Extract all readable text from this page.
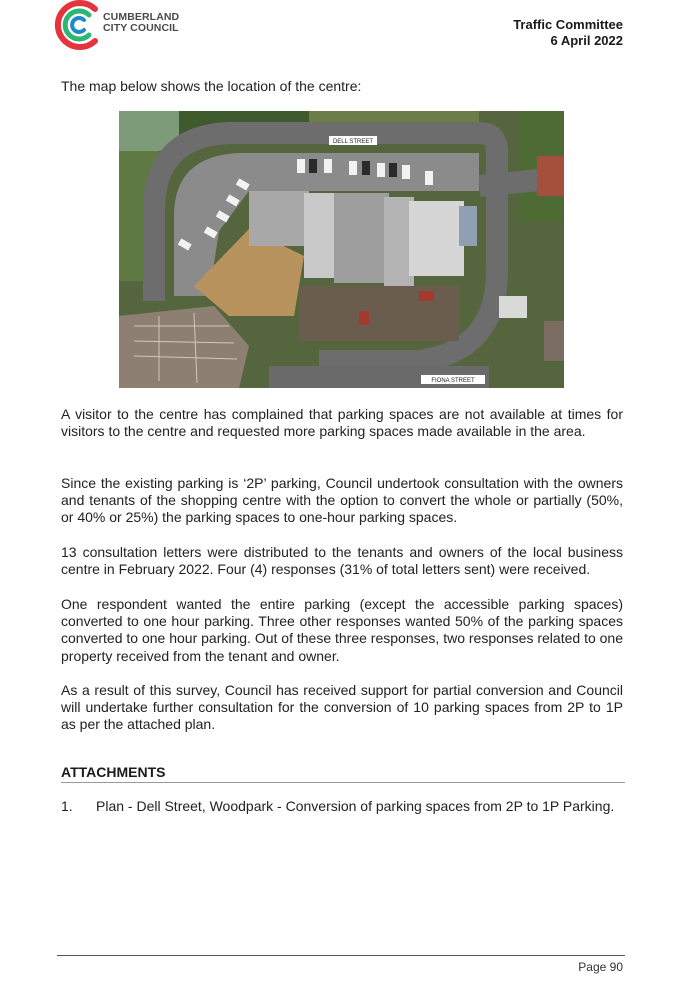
CUMBERLAND
CITY COUNCIL	Traffic Committee
6 April 2022
The map below shows the location of the centre:
DELL STREET
FIONA STREET
A visitor to the centre has complained that parking spaces are not available at times for visitors to the centre and requested more parking spaces made available in the area.
Since the existing parking is ‘2P’ parking, Council undertook consultation with the owners and tenants of the shopping centre with the option to convert the whole or partially (50%, or 40% or 25%) the parking spaces to one-hour parking spaces.
13 consultation letters were distributed to the tenants and owners of the local business centre in February 2022. Four (4) responses (31% of total letters sent) were received.
One respondent wanted the entire parking (except the accessible parking spaces) converted to one hour parking. Three other responses wanted 50% of the parking spaces converted to one hour parking. Out of these three responses, two responses related to one property received from the tenant and owner.
As a result of this survey, Council has received support for partial conversion and Council will undertake further consultation for the conversion of 10 parking spaces from 2P to 1P as per the attached plan.
ATTACHMENTS
1. Plan - Dell Street, Woodpark - Conversion of parking spaces from 2P to 1P Parking.
Page 90
